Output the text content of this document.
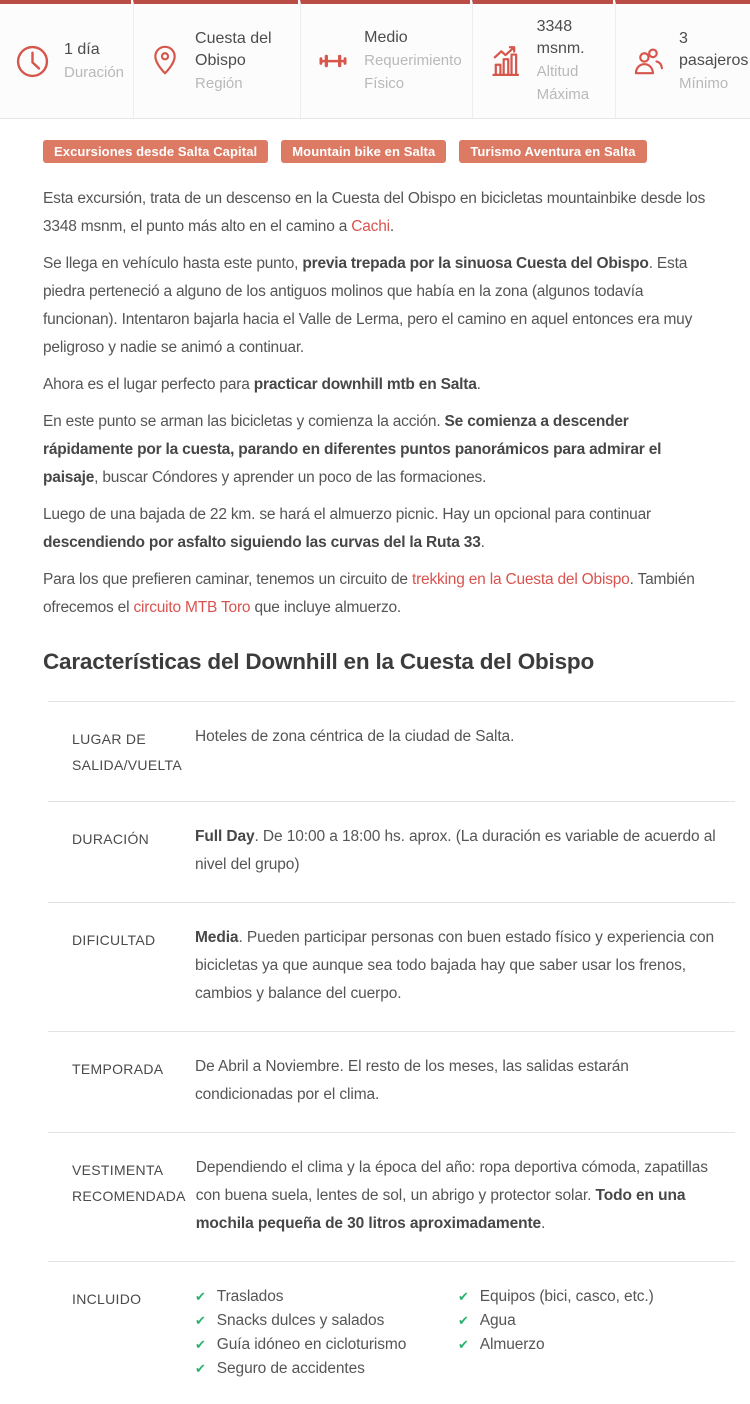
1 día
Duración
Cuesta del Obispo
Región
Medio
Requerimiento Físico
3348 msnm.
Altitud Máxima
3 pasajeros
Mínimo
Excursiones desde Salta Capital	Mountain bike en Salta	Turismo Aventura en Salta

Esta excursión, trata de un descenso en la Cuesta del Obispo en bicicletas mountainbike desde los 3348 msnm, el punto más alto en el camino a Cachi.

Se llega en vehículo hasta este punto, previa trepada por la sinuosa Cuesta del Obispo. Esta piedra perteneció a alguno de los antiguos molinos que había en la zona (algunos todavía funcionan). Intentaron bajarla hacia el Valle de Lerma, pero el camino en aquel entonces era muy peligroso y nadie se animó a continuar.

Ahora es el lugar perfecto para practicar downhill mtb en Salta.

En este punto se arman las bicicletas y comienza la acción. Se comienza a descender rápidamente por la cuesta, parando en diferentes puntos panorámicos para admirar el paisaje, buscar Cóndores y aprender un poco de las formaciones.

Luego de una bajada de 22 km. se hará el almuerzo picnic. Hay un opcional para continuar descendiendo por asfalto siguiendo las curvas del la Ruta 33.

Para los que prefieren caminar, tenemos un circuito de trekking en la Cuesta del Obispo. También ofrecemos el circuito MTB Toro que incluye almuerzo.

Características del Downhill en la Cuesta del Obispo
LUGAR DE SALIDA/VUELTA
Hoteles de zona céntrica de la ciudad de Salta.
DURACIÓN	Full Day. De 10:00 a 18:00 hs. aprox. (La duración es variable de acuerdo al nivel del grupo)
DIFICULTAD	Media. Pueden participar personas con buen estado físico y experiencia con bicicletas ya que aunque sea todo bajada hay que saber usar los frenos, cambios y balance del cuerpo.
TEMPORADA	De Abril a Noviembre. El resto de los meses, las salidas estarán condicionadas por el clima.
VESTIMENTA RECOMENDADA
Dependiendo el clima y la época del año: ropa deportiva cómoda, zapatillas con buena suela, lentes de sol, un abrigo y protector solar. Todo en una mochila pequeña de 30 litros aproximadamente.
INCLUIDO	✔ Traslados
✔ Snacks dulces y salados
✔ Guía idóneo en cicloturismo
✔ Seguro de accidentes
✔ Equipos (bici, casco, etc.)
✔ Agua
✔ Almuerzo
